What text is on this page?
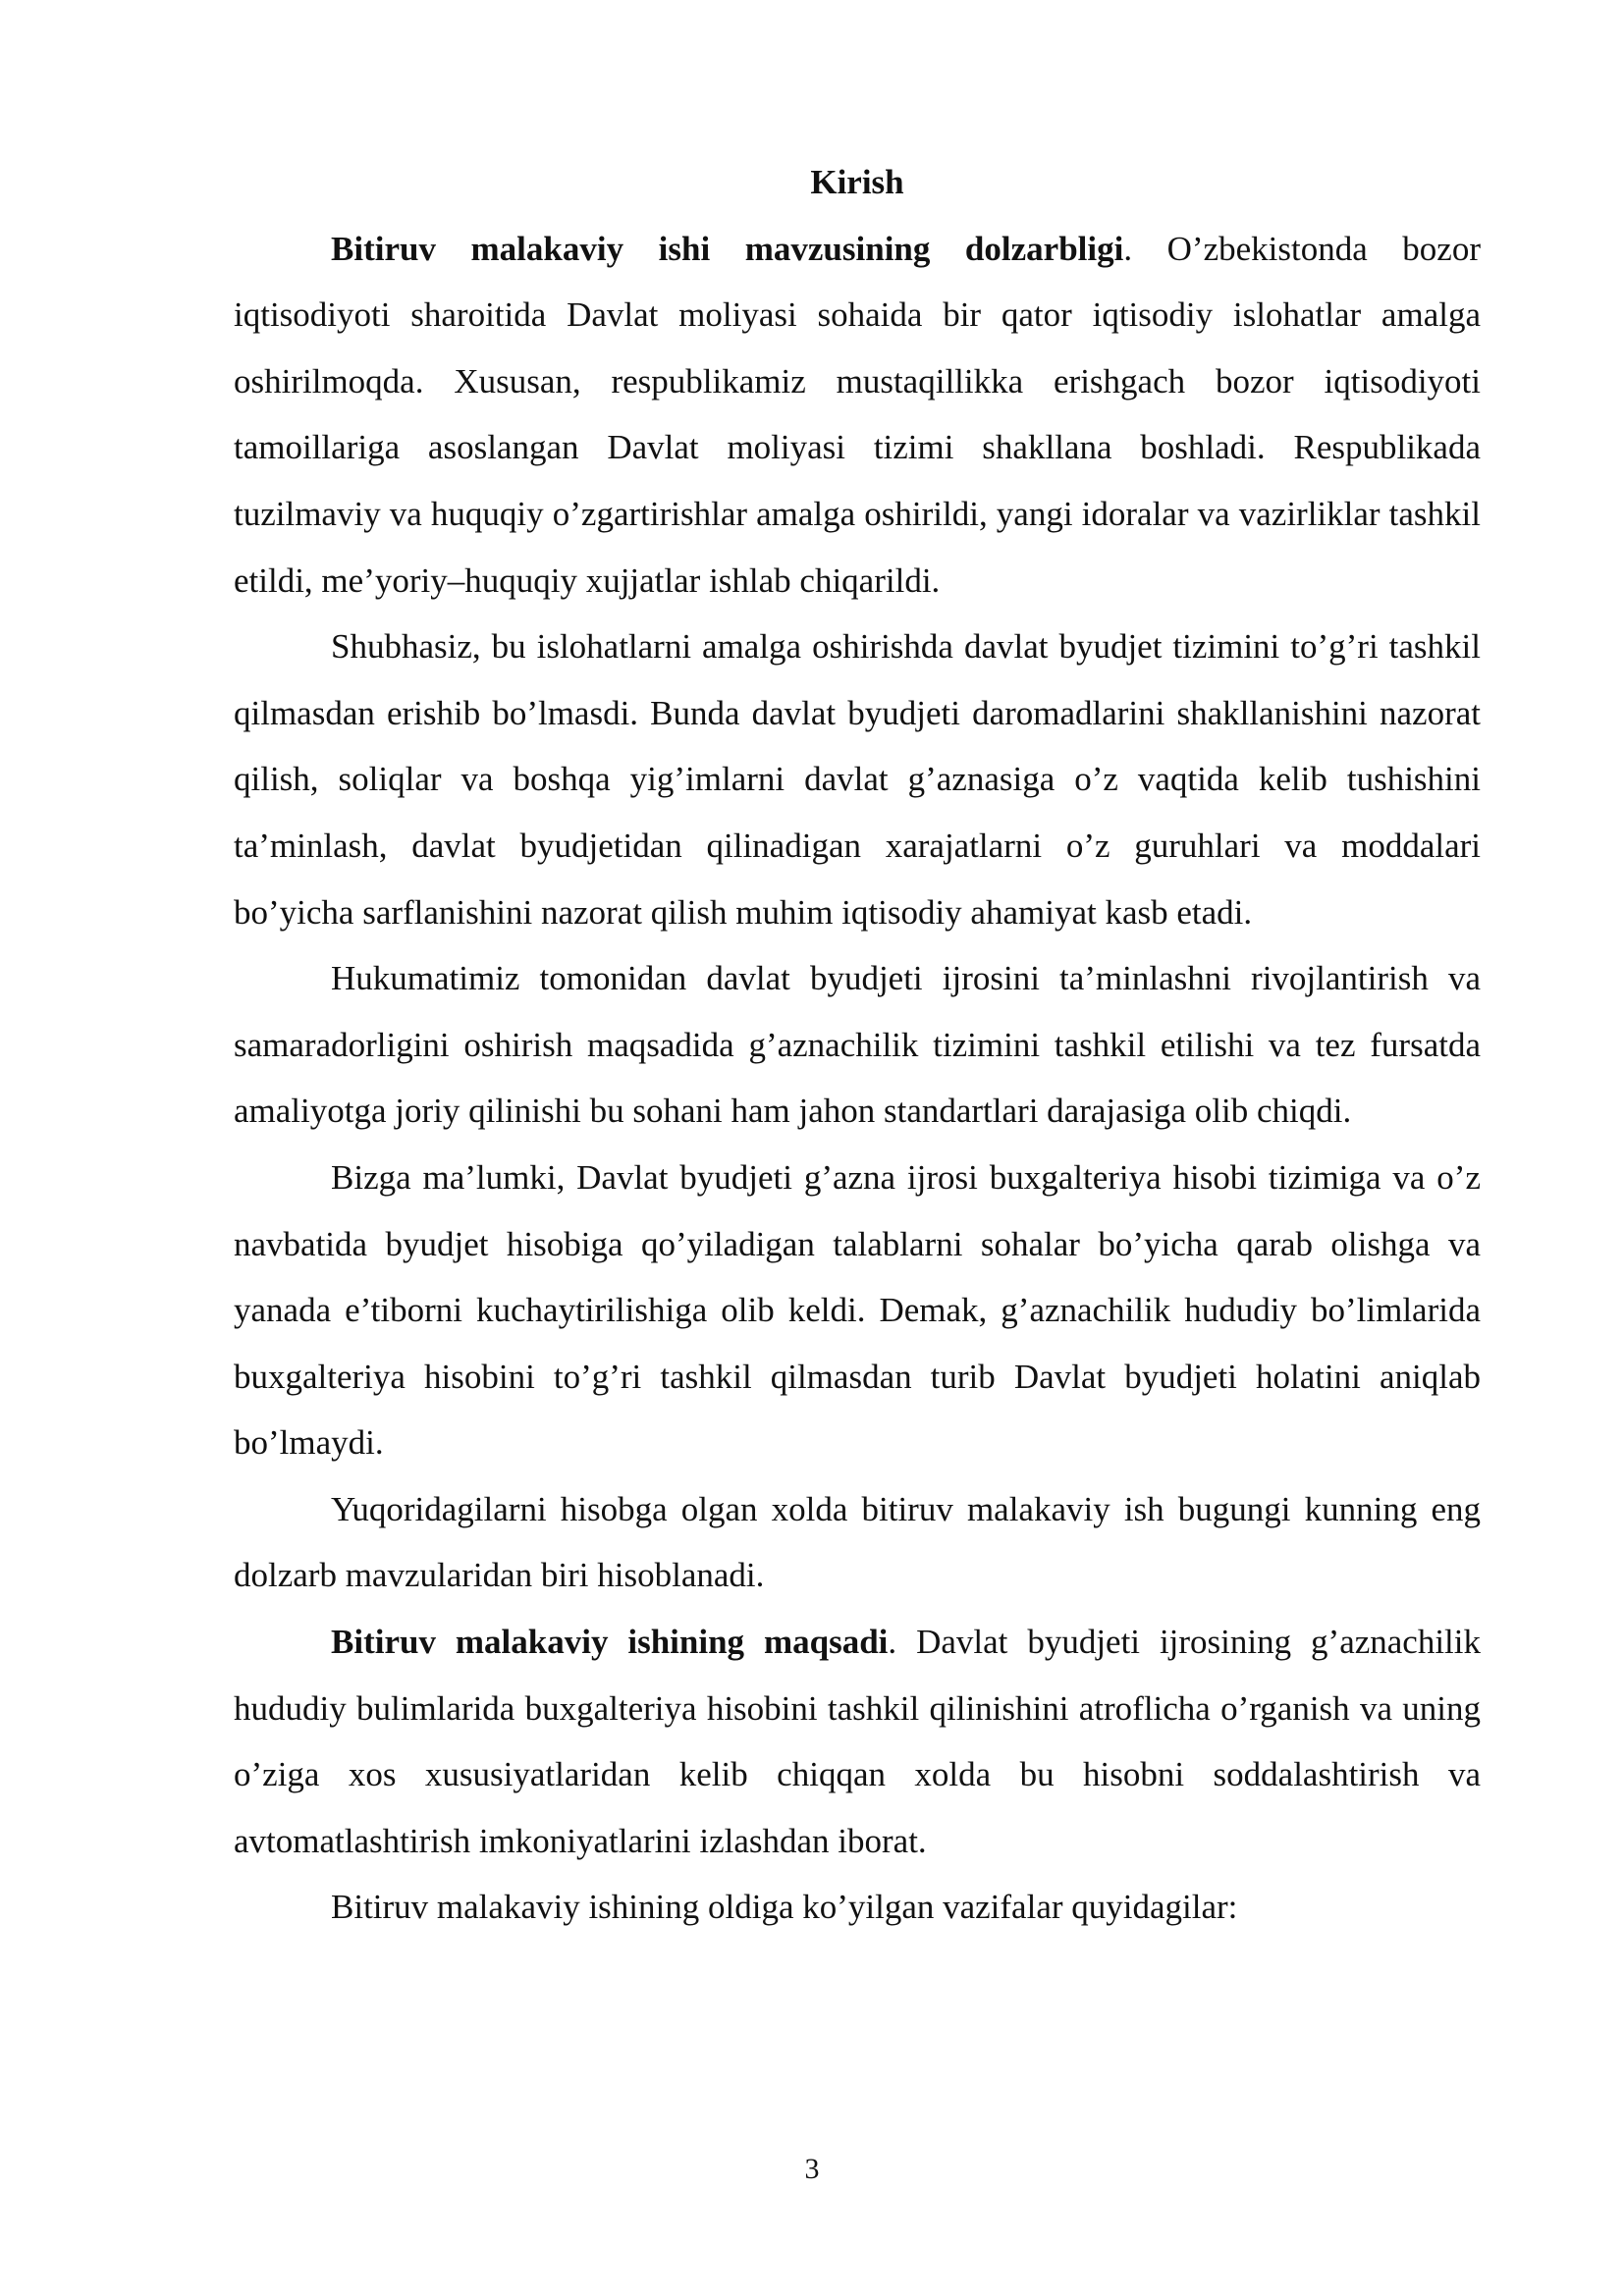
Kirish

Bitiruv malakaviy ishi mavzusining dolzarbligi. O’zbekistonda bozor iqtisodiyoti sharoitida Davlat moliyasi sohaida bir qator iqtisodiy islohatlar amalga oshirilmoqda. Xususan, respublikamiz mustaqillikka erishgach bozor iqtisodiyoti tamoillariga asoslangan Davlat moliyasi tizimi shakllana boshladi. Respublikada tuzilmaviy va huquqiy o’zgartirishlar amalga oshirildi, yangi idoralar va vazirliklar tashkil etildi, me’yoriy–huquqiy xujjatlar ishlab chiqarildi.

Shubhasiz, bu islohatlarni amalga oshirishda davlat byudjet tizimini to’g’ri tashkil qilmasdan erishib bo’lmasdi. Bunda davlat byudjeti daromadlarini shakllanishini nazorat qilish, soliqlar va boshqa yig’imlarni davlat g’aznasiga o’z vaqtida kelib tushishini ta’minlash, davlat byudjetidan qilinadigan xarajatlarni o’z guruhlari va moddalari bo’yicha sarflanishini nazorat qilish muhim iqtisodiy ahamiyat kasb etadi.

Hukumatimiz tomonidan davlat byudjeti ijrosini ta’minlashni rivojlantirish va samaradorligini oshirish maqsadida g’aznachilik tizimini tashkil etilishi va tez fursatda amaliyotga joriy qilinishi bu sohani ham jahon standartlari darajasiga olib chiqdi.

Bizga ma’lumki, Davlat byudjeti g’azna ijrosi buxgalteriya hisobi tizimiga va o’z navbatida byudjet hisobiga qo’yiladigan talablarni sohalar bo’yicha qarab olishga va yanada e’tiborni kuchaytirilishiga olib keldi. Demak, g’aznachilik hududiy bo’limlarida buxgalteriya hisobini to’g’ri tashkil qilmasdan turib Davlat byudjeti holatini aniqlab bo’lmaydi.

Yuqoridagilarni hisobga olgan xolda bitiruv malakaviy ish bugungi kunning eng dolzarb mavzularidan biri hisoblanadi.

Bitiruv malakaviy ishining maqsadi. Davlat byudjeti ijrosining g’aznachilik hududiy bulimlarida buxgalteriya hisobini tashkil qilinishini atroflicha o’rganish va uning o’ziga xos xususiyatlaridan kelib chiqqan xolda bu hisobni soddalashtirish va avtomatlashtirish imkoniyatlarini izlashdan iborat.

Bitiruv malakaviy ishining oldiga ko’yilgan vazifalar quyidagilar:

3
